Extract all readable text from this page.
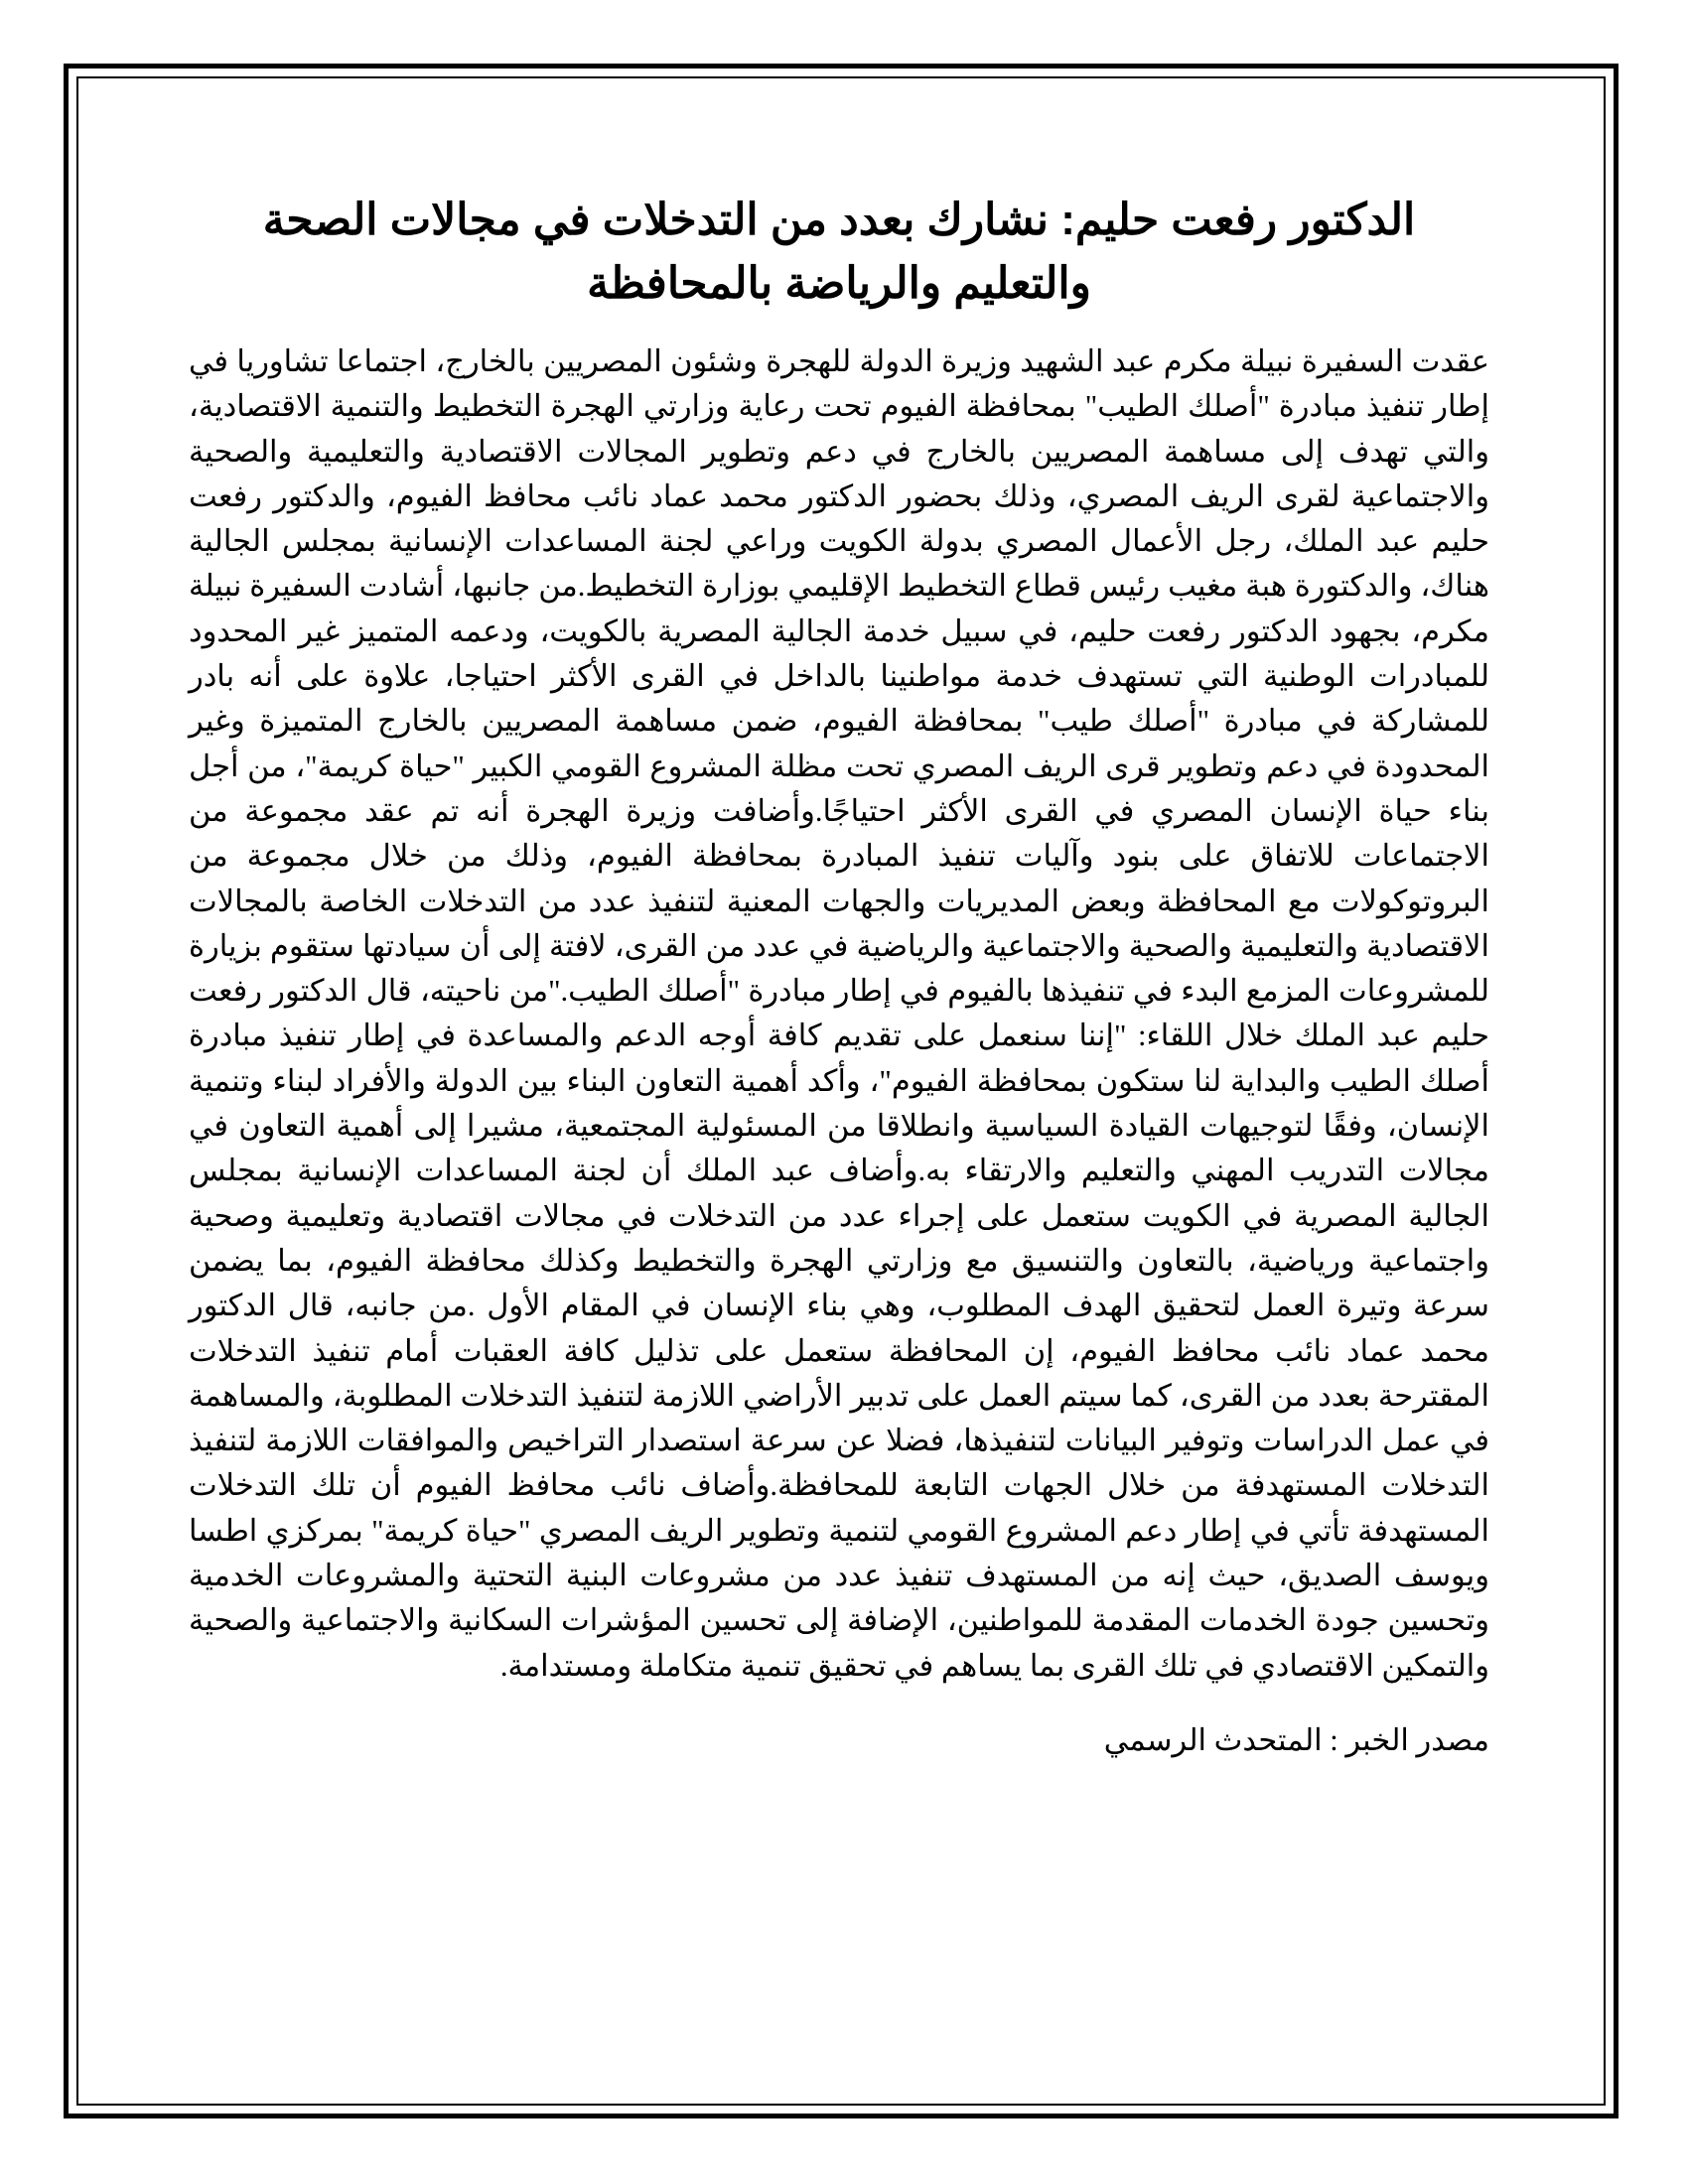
الدكتور رفعت حليم: نشارك بعدد من التدخلات في مجالات الصحة والتعليم والرياضة بالمحافظة

عقدت السفيرة نبيلة مكرم عبد الشهيد وزيرة الدولة للهجرة وشئون المصريين بالخارج، اجتماعا تشاوريا في إطار تنفيذ مبادرة "أصلك الطيب" بمحافظة الفيوم تحت رعاية وزارتي الهجرة التخطيط والتنمية الاقتصادية، والتي تهدف إلى مساهمة المصريين بالخارج في دعم وتطوير المجالات الاقتصادية والتعليمية والصحية والاجتماعية لقرى الريف المصري، وذلك بحضور الدكتور محمد عماد نائب محافظ الفيوم، والدكتور رفعت حليم عبد الملك، رجل الأعمال المصري بدولة الكويت وراعي لجنة المساعدات الإنسانية بمجلس الجالية هناك، والدكتورة هبة مغيب رئيس قطاع التخطيط الإقليمي بوزارة التخطيط.من جانبها، أشادت السفيرة نبيلة مكرم، بجهود الدكتور رفعت حليم، في سبيل خدمة الجالية المصرية بالكويت، ودعمه المتميز غير المحدود للمبادرات الوطنية التي تستهدف خدمة مواطنينا بالداخل في القرى الأكثر احتياجا، علاوة على أنه بادر للمشاركة في مبادرة "أصلك طيب" بمحافظة الفيوم، ضمن مساهمة المصريين بالخارج المتميزة وغير المحدودة في دعم وتطوير قرى الريف المصري تحت مظلة المشروع القومي الكبير "حياة كريمة"، من أجل بناء حياة الإنسان المصري في القرى الأكثر احتياجًا.وأضافت وزيرة الهجرة أنه تم عقد مجموعة من الاجتماعات للاتفاق على بنود وآليات تنفيذ المبادرة بمحافظة الفيوم، وذلك من خلال مجموعة من البروتوكولات مع المحافظة وبعض المديريات والجهات المعنية لتنفيذ عدد من التدخلات الخاصة بالمجالات الاقتصادية والتعليمية والصحية والاجتماعية والرياضية في عدد من القرى، لافتة إلى أن سيادتها ستقوم بزيارة للمشروعات المزمع البدء في تنفيذها بالفيوم في إطار مبادرة "أصلك الطيب."من ناحيته، قال الدكتور رفعت حليم عبد الملك خلال اللقاء: "إننا سنعمل على تقديم كافة أوجه الدعم والمساعدة في إطار تنفيذ مبادرة أصلك الطيب والبداية لنا ستكون بمحافظة الفيوم"، وأكد أهمية التعاون البناء بين الدولة والأفراد لبناء وتنمية الإنسان، وفقًا لتوجيهات القيادة السياسية وانطلاقا من المسئولية المجتمعية، مشيرا إلى أهمية التعاون في مجالات التدريب المهني والتعليم والارتقاء به.وأضاف عبد الملك أن لجنة المساعدات الإنسانية بمجلس الجالية المصرية في الكويت ستعمل على إجراء عدد من التدخلات في مجالات اقتصادية وتعليمية وصحية واجتماعية ورياضية، بالتعاون والتنسيق مع وزارتي الهجرة والتخطيط وكذلك محافظة الفيوم، بما يضمن سرعة وتيرة العمل لتحقيق الهدف المطلوب، وهي بناء الإنسان في المقام الأول .من جانبه، قال الدكتور محمد عماد نائب محافظ الفيوم، إن المحافظة ستعمل على تذليل كافة العقبات أمام تنفيذ التدخلات المقترحة بعدد من القرى، كما سيتم العمل على تدبير الأراضي اللازمة لتنفيذ التدخلات المطلوبة، والمساهمة في عمل الدراسات وتوفير البيانات لتنفيذها، فضلا عن سرعة استصدار التراخيص والموافقات اللازمة لتنفيذ التدخلات المستهدفة من خلال الجهات التابعة للمحافظة.وأضاف نائب محافظ الفيوم أن تلك التدخلات المستهدفة تأتي في إطار دعم المشروع القومي لتنمية وتطوير الريف المصري "حياة كريمة" بمركزي اطسا ويوسف الصديق، حيث إنه من المستهدف تنفيذ عدد من مشروعات البنية التحتية والمشروعات الخدمية وتحسين جودة الخدمات المقدمة للمواطنين، الإضافة إلى تحسين المؤشرات السكانية والاجتماعية والصحية والتمكين الاقتصادي في تلك القرى بما يساهم في تحقيق تنمية متكاملة ومستدامة.

مصدر الخبر : المتحدث الرسمي
